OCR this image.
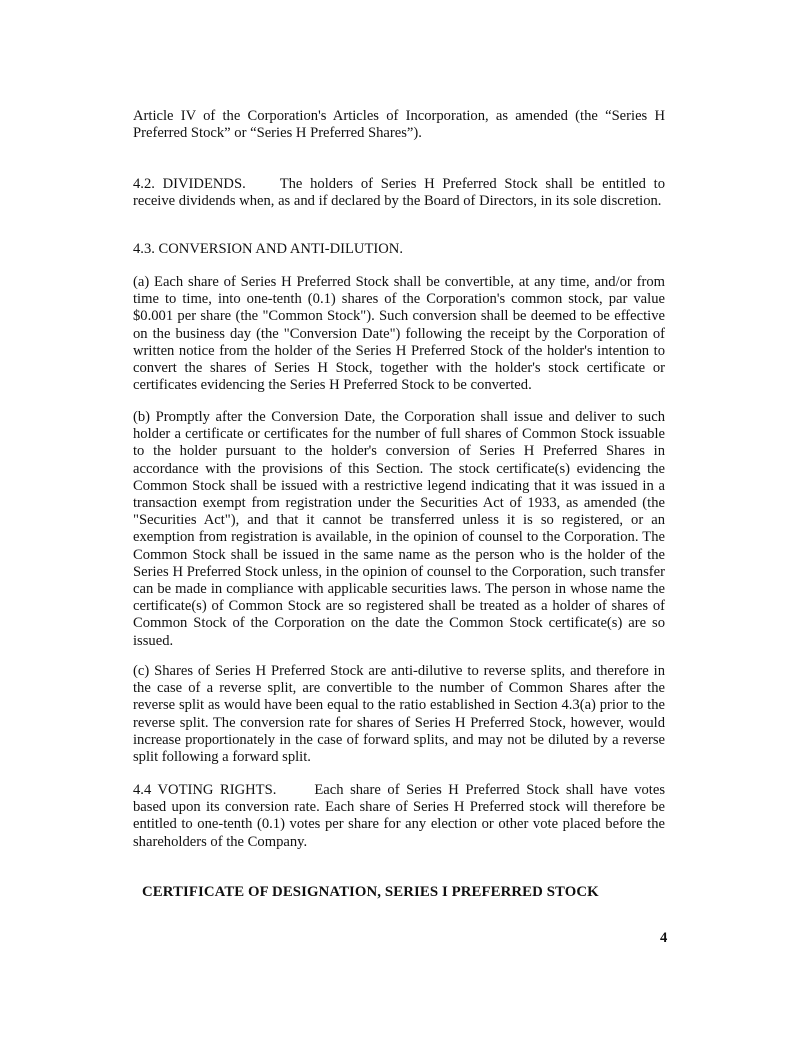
Article IV of the Corporation's Articles of Incorporation, as amended (the “Series H Preferred Stock” or “Series H Preferred Shares”).

4.2. DIVIDENDS. The holders of Series H Preferred Stock shall be entitled to receive dividends when, as and if declared by the Board of Directors, in its sole discretion.

4.3. CONVERSION AND ANTI-DILUTION.

(a) Each share of Series H Preferred Stock shall be convertible, at any time, and/or from time to time, into one-tenth (0.1) shares of the Corporation's common stock, par value $0.001 per share (the "Common Stock"). Such conversion shall be deemed to be effective on the business day (the "Conversion Date") following the receipt by the Corporation of written notice from the holder of the Series H Preferred Stock of the holder's intention to convert the shares of Series H Stock, together with the holder's stock certificate or certificates evidencing the Series H Preferred Stock to be converted.

(b) Promptly after the Conversion Date, the Corporation shall issue and deliver to such holder a certificate or certificates for the number of full shares of Common Stock issuable to the holder pursuant to the holder's conversion of Series H Preferred Shares in accordance with the provisions of this Section. The stock certificate(s) evidencing the Common Stock shall be issued with a restrictive legend indicating that it was issued in a transaction exempt from registration under the Securities Act of 1933, as amended (the "Securities Act"), and that it cannot be transferred unless it is so registered, or an exemption from registration is available, in the opinion of counsel to the Corporation. The Common Stock shall be issued in the same name as the person who is the holder of the Series H Preferred Stock unless, in the opinion of counsel to the Corporation, such transfer can be made in compliance with applicable securities laws. The person in whose name the certificate(s) of Common Stock are so registered shall be treated as a holder of shares of Common Stock of the Corporation on the date the Common Stock certificate(s) are so issued.

(c) Shares of Series H Preferred Stock are anti-dilutive to reverse splits, and therefore in the case of a reverse split, are convertible to the number of Common Shares after the reverse split as would have been equal to the ratio established in Section 4.3(a) prior to the reverse split. The conversion rate for shares of Series H Preferred Stock, however, would increase proportionately in the case of forward splits, and may not be diluted by a reverse split following a forward split.

4.4 VOTING RIGHTS.	Each share of Series H Preferred Stock shall have votes based upon its conversion rate. Each share of Series H Preferred stock will therefore be entitled to one-tenth (0.1) votes per share for any election or other vote placed before the shareholders of the Company.

CERTIFICATE OF DESIGNATION, SERIES I PREFERRED STOCK

4
